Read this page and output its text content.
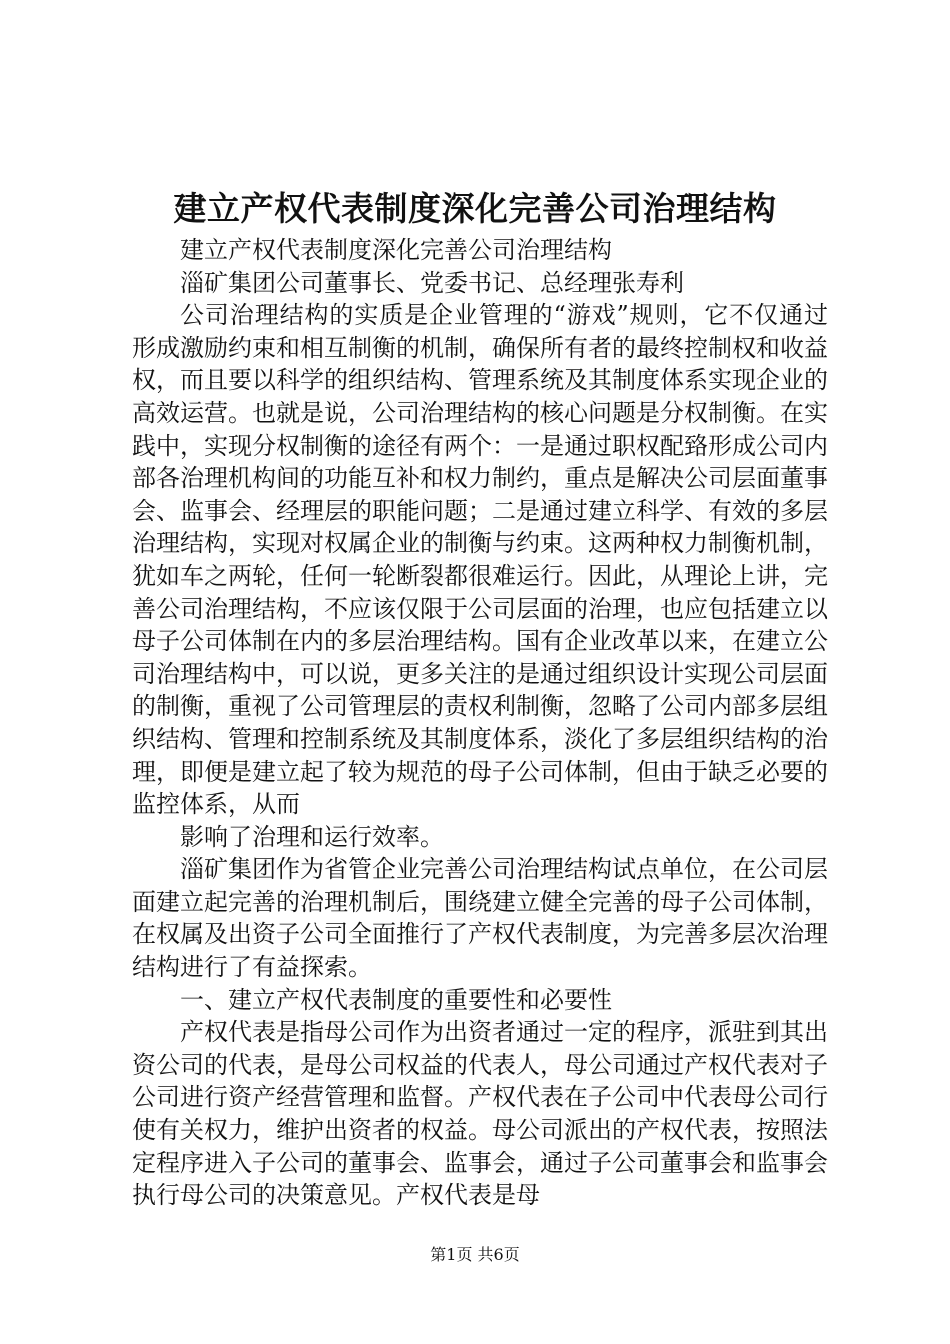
建立产权代表制度深化完善公司治理结构

建立产权代表制度深化完善公司治理结构

淄矿集团公司董事长、党委书记、总经理张寿利

公司治理结构的实质是企业管理的“游戏”规则，它不仅通过形成激励约束和相互制衡的机制，确保所有者的最终控制权和收益权，而且要以科学的组织结构、管理系统及其制度体系实现企业的高效运营。也就是说，公司治理结构的核心问题是分权制衡。在实践中，实现分权制衡的途径有两个：一是通过职权配臵形成公司内部各治理机构间的功能互补和权力制约，重点是解决公司层面董事会、监事会、经理层的职能问题；二是通过建立科学、有效的多层治理结构，实现对权属企业的制衡与约束。这两种权力制衡机制，犹如车之两轮，任何一轮断裂都很难运行。因此，从理论上讲，完善公司治理结构，不应该仅限于公司层面的治理，也应包括建立以母子公司体制在内的多层治理结构。国有企业改革以来，在建立公司治理结构中，可以说，更多关注的是通过组织设计实现公司层面的制衡，重视了公司管理层的责权利制衡，忽略了公司内部多层组织结构、管理和控制系统及其制度体系，淡化了多层组织结构的治理，即便是建立起了较为规范的母子公司体制，但由于缺乏必要的监控体系，从而

影响了治理和运行效率。

淄矿集团作为省管企业完善公司治理结构试点单位，在公司层面建立起完善的治理机制后，围绕建立健全完善的母子公司体制，在权属及出资子公司全面推行了产权代表制度，为完善多层次治理结构进行了有益探索。

一、建立产权代表制度的重要性和必要性

产权代表是指母公司作为出资者通过一定的程序，派驻到其出资公司的代表，是母公司权益的代表人，母公司通过产权代表对子公司进行资产经营管理和监督。产权代表在子公司中代表母公司行使有关权力，维护出资者的权益。母公司派出的产权代表，按照法定程序进入子公司的董事会、监事会，通过子公司董事会和监事会执行母公司的决策意见。产权代表是母

第1页 共6页
